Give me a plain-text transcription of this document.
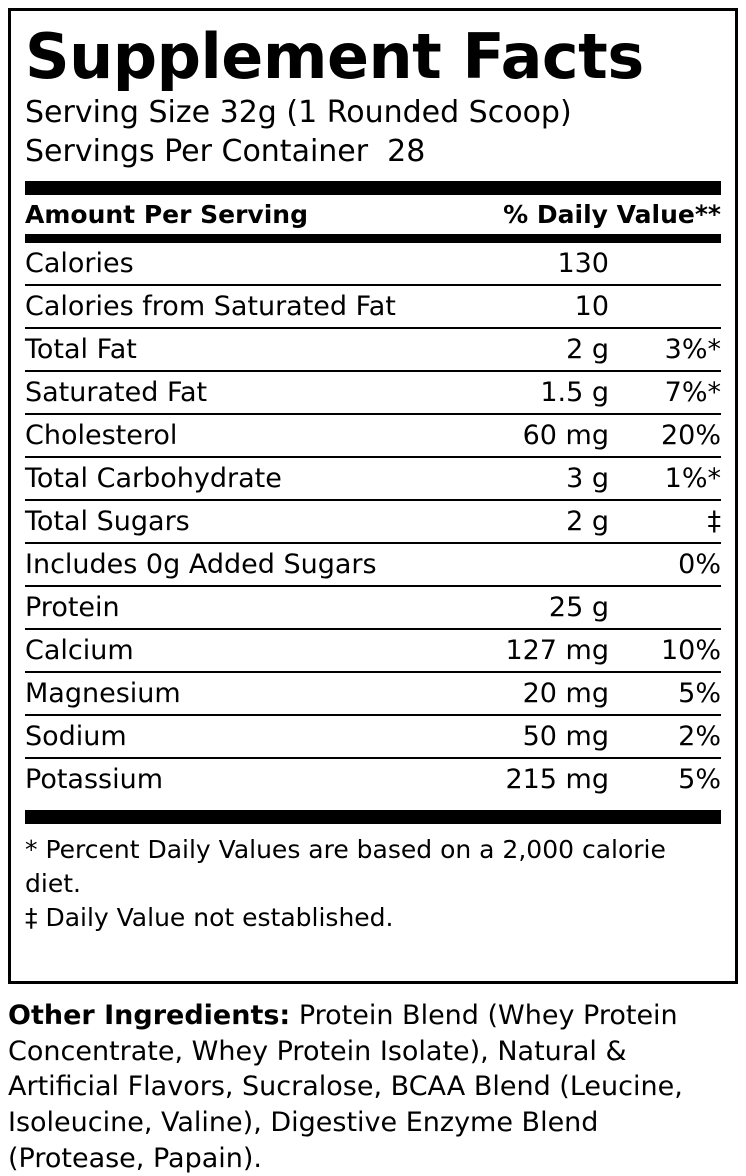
Supplement Facts
Serving Size 32g (1 Rounded Scoop)
Servings Per Container  28
Amount Per Serving		% Daily Value**
Calories	130	
Calories from Saturated Fat	10	
Total Fat	2 g	3%*
Saturated Fat	1.5 g	7%*
Cholesterol	60 mg	20%
Total Carbohydrate	3 g	1%*
Total Sugars	2 g	‡
Includes 0g Added Sugars		0%
Protein	25 g	
Calcium	127 mg	10%
Magnesium	20 mg	5%
Sodium	50 mg	2%
Potassium	215 mg	5%
* Percent Daily Values are based on a 2,000 calorie diet.
‡ Daily Value not established.
Other Ingredients: Protein Blend (Whey Protein Concentrate, Whey Protein Isolate), Natural & Artificial Flavors, Sucralose, BCAA Blend (Leucine, Isoleucine, Valine), Digestive Enzyme Blend (Protease, Papain).
